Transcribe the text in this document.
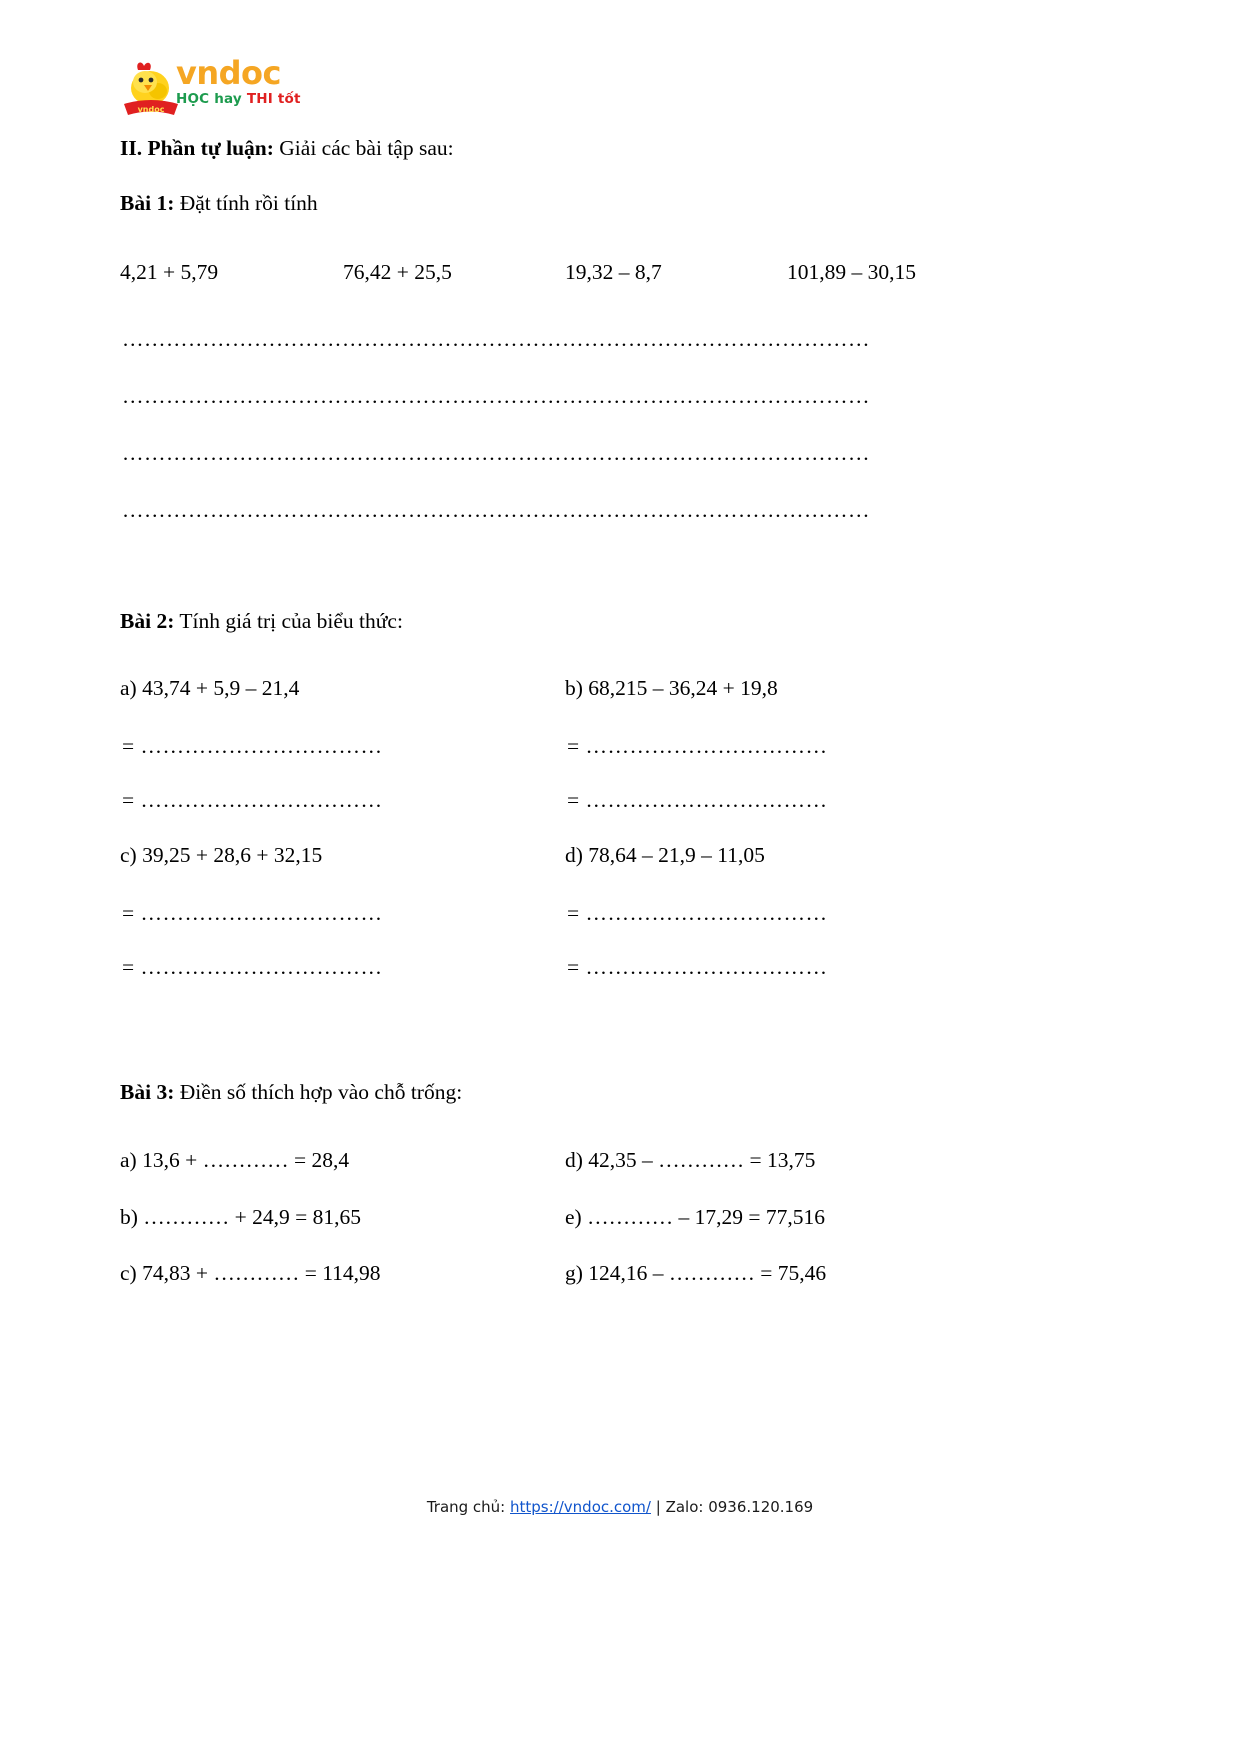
vndoc
vndoc
HỌC hay THI tốt
II. Phần tự luận: Giải các bài tập sau:
Bài 1: Đặt tính rồi tính
4,21 + 5,79	76,42 + 25,5	19,32 – 8,7	101,89 – 30,15
…………………………………………………………………………………………
…………………………………………………………………………………………
…………………………………………………………………………………………
…………………………………………………………………………………………
Bài 2: Tính giá trị của biểu thức:
a) 43,74 + 5,9 – 21,4	b) 68,215 – 36,24 + 19,8
= ……………………………	= ……………………………
= ……………………………	= ……………………………
c) 39,25 + 28,6 + 32,15	d) 78,64 – 21,9 – 11,05
= ……………………………	= ……………………………
= ……………………………	= ……………………………
Bài 3: Điền số thích hợp vào chỗ trống:
a) 13,6 + ………… = 28,4	d) 42,35 – ………… = 13,75
b) ………… + 24,9 = 81,65	e) ………… – 17,29 = 77,516
c) 74,83 + ………… = 114,98	g) 124,16 – ………… = 75,46
Trang chủ: https://vndoc.com/ | Zalo: 0936.120.169
